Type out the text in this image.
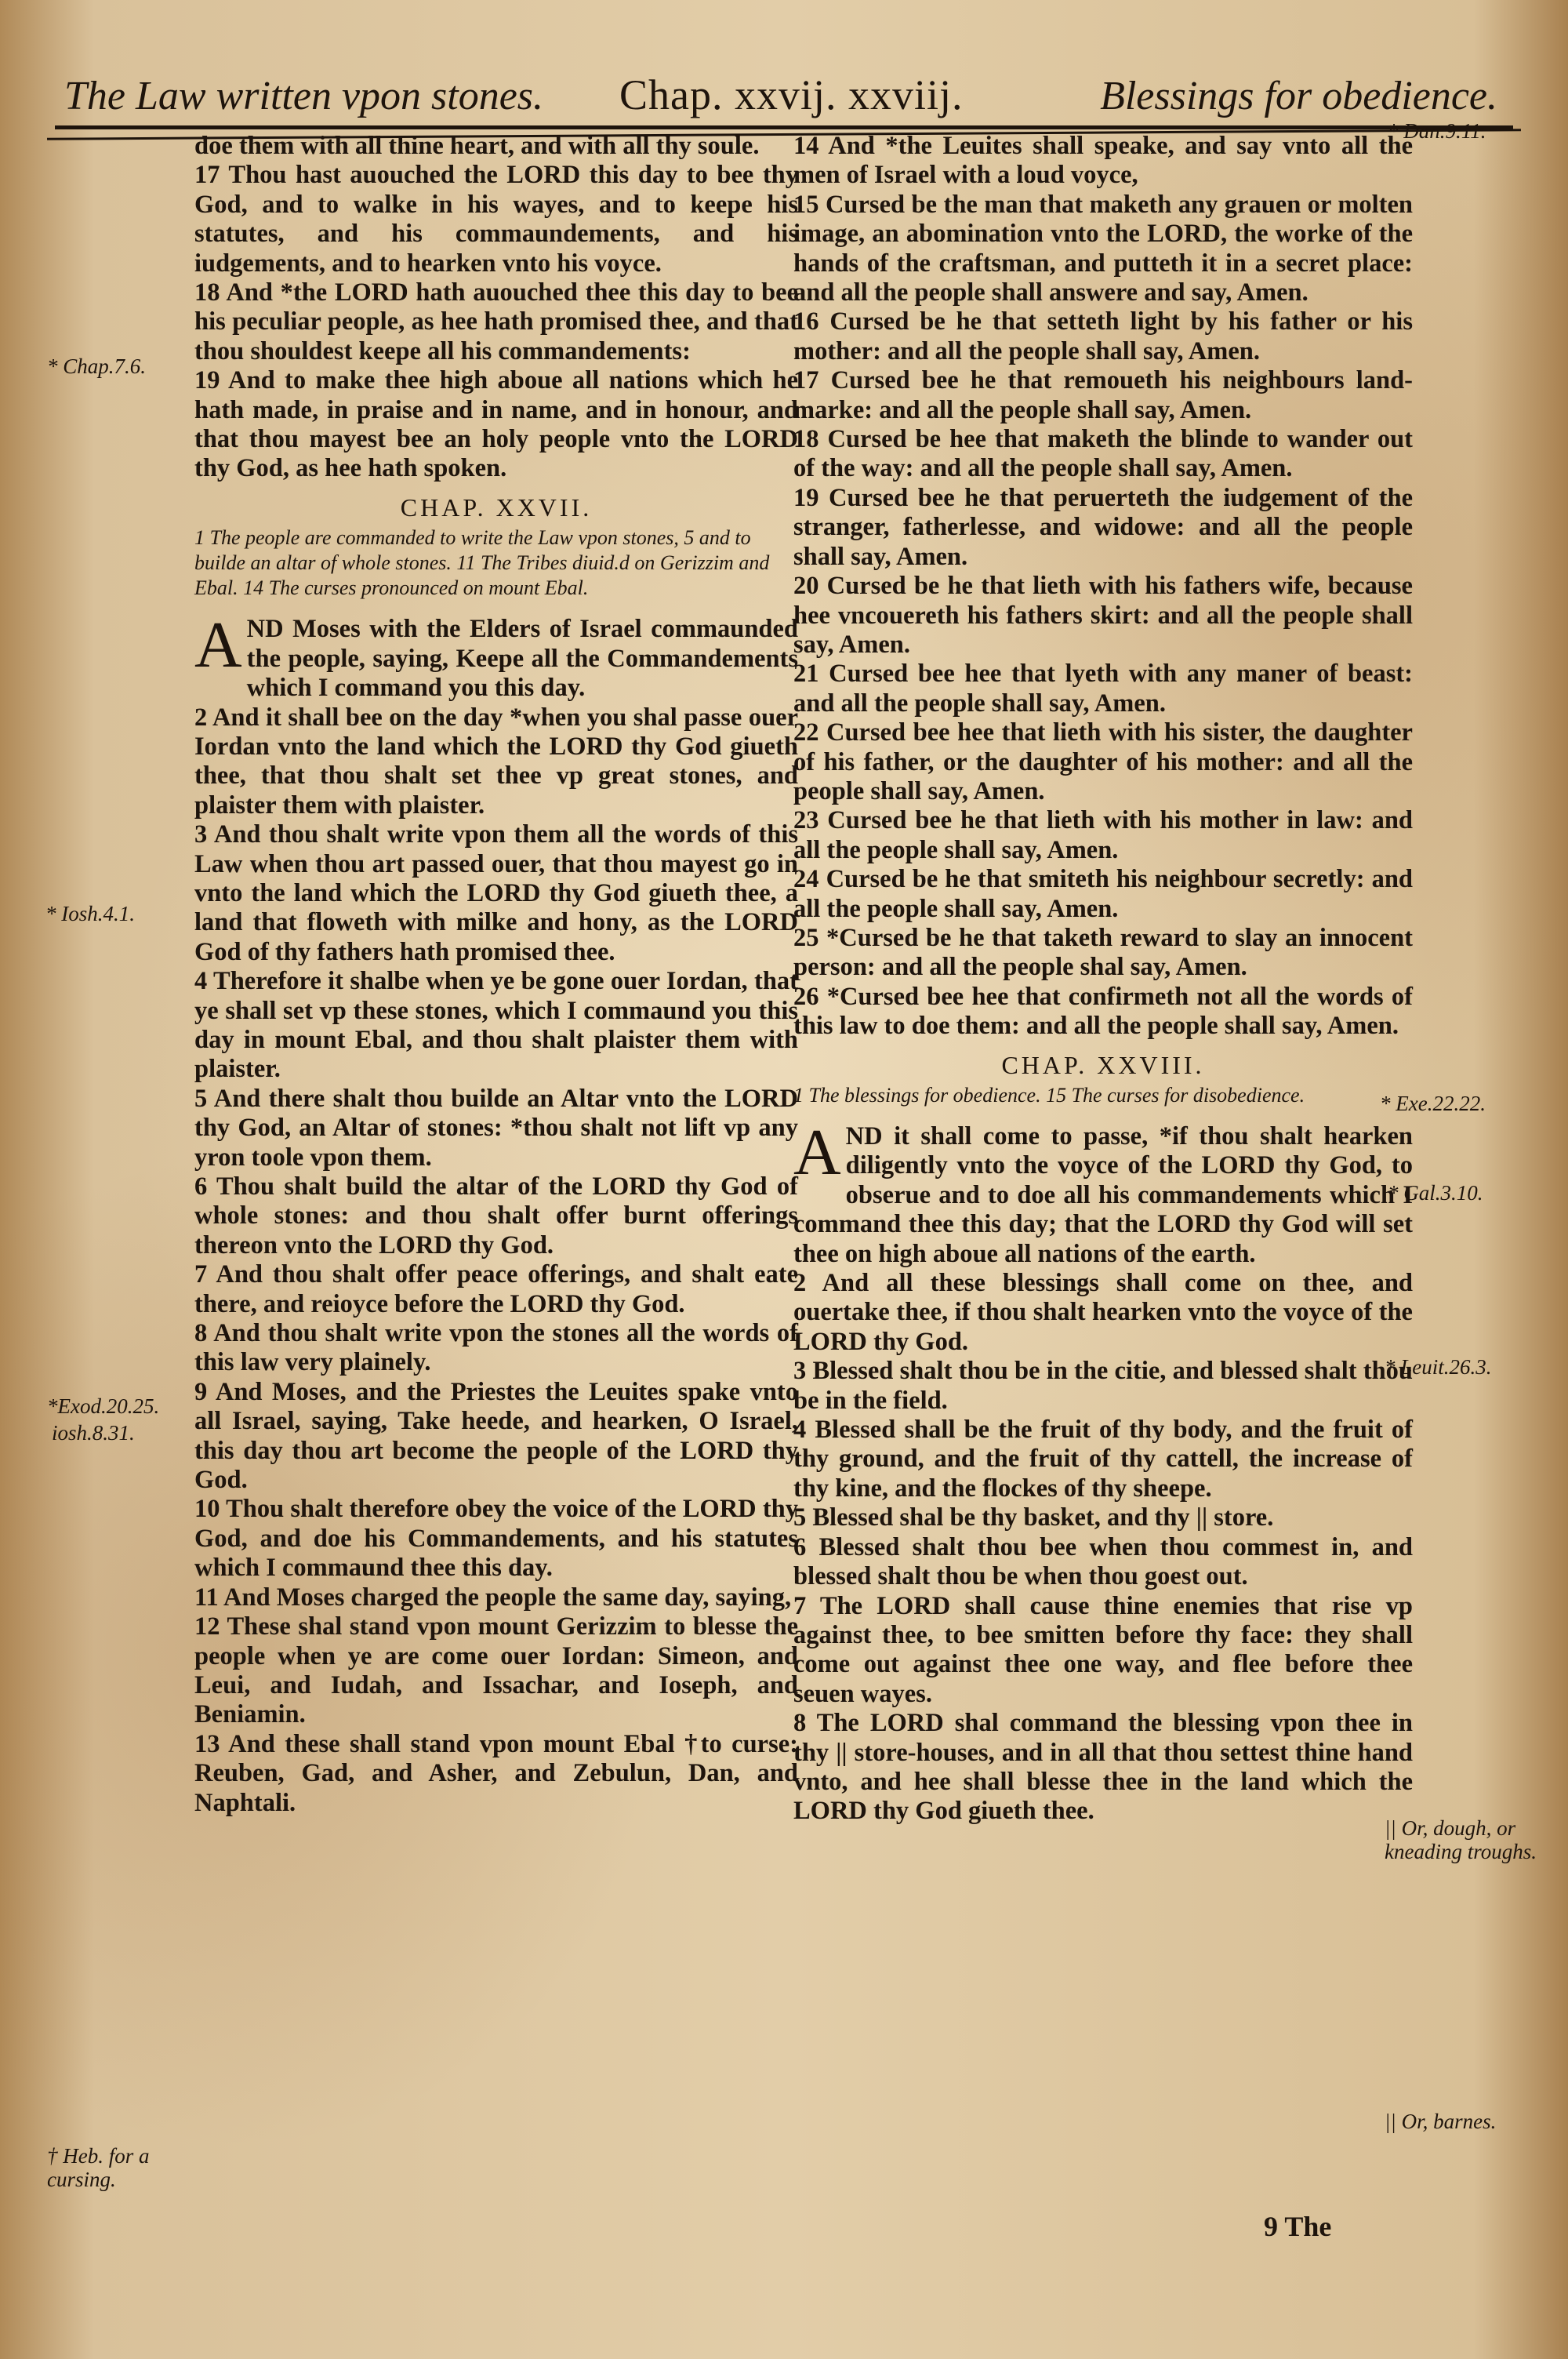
The Law written vpon stones. Chap. xxvij. xxviij.	Blessings for obedience.

doe them with all thine heart, and with all thy soule.

17 Thou hast auouched the LORD this day to bee thy God, and to walke in his wayes, and to keepe his statutes, and his commaundements, and his iudgements, and to hearken vnto his voyce.

18 And *the LORD hath auouched thee this day to bee his peculiar people, as hee hath promised thee, and that thou shouldest keepe all his commandements:

19 And to make thee high aboue all nations which he hath made, in praise and in name, and in honour, and that thou mayest bee an holy people vnto the LORD thy God, as hee hath spoken.

CHAP. XXVII.

1 The people are commanded to write the Law vpon stones, 5 and to builde an altar of whole stones. 11 The Tribes diuid.d on Gerizzim and Ebal. 14 The curses pronounced on mount Ebal.

AND Moses with the Elders of Israel commaunded the people, saying, Keepe all the Commandements which I command you this day.

2 And it shall bee on the day *when you shal passe ouer Iordan vnto the land which the LORD thy God giueth thee, that thou shalt set thee vp great stones, and plaister them with plaister.

3 And thou shalt write vpon them all the words of this Law when thou art passed ouer, that thou mayest go in vnto the land which the LORD thy God giueth thee, a land that floweth with milke and hony, as the LORD God of thy fathers hath promised thee.

4 Therefore it shalbe when ye be gone ouer Iordan, that ye shall set vp these stones, which I commaund you this day in mount Ebal, and thou shalt plaister them with plaister.

5 And there shalt thou builde an Altar vnto the LORD thy God, an Altar of stones: *thou shalt not lift vp any yron toole vpon them.

6 Thou shalt build the altar of the LORD thy God of whole stones: and thou shalt offer burnt offerings thereon vnto the LORD thy God.

7 And thou shalt offer peace offerings, and shalt eate there, and reioyce before the LORD thy God.

8 And thou shalt write vpon the stones all the words of this law very plainely.

9 And Moses, and the Priestes the Leuites spake vnto all Israel, saying, Take heede, and hearken, O Israel, this day thou art become the people of the LORD thy God.

10 Thou shalt therefore obey the voice of the LORD thy God, and doe his Commandements, and his statutes which I commaund thee this day.

11 And Moses charged the people the same day, saying,

12 These shal stand vpon mount Gerizzim to blesse the people when ye are come ouer Iordan: Simeon, and Leui, and Iudah, and Issachar, and Ioseph, and Beniamin.

13 And these shall stand vpon mount Ebal †to curse: Reuben, Gad, and Asher, and Zebulun, Dan, and Naphtali.

14 And *the Leuites shall speake, and say vnto all the men of Israel with a loud voyce,

15 Cursed be the man that maketh any grauen or molten image, an abomination vnto the LORD, the worke of the hands of the craftsman, and putteth it in a secret place: and all the people shall answere and say, Amen.

16 Cursed be he that setteth light by his father or his mother: and all the people shall say, Amen.

17 Cursed bee he that remoueth his neighbours land-marke: and all the people shall say, Amen.

18 Cursed be hee that maketh the blinde to wander out of the way: and all the people shall say, Amen.

19 Cursed bee he that peruerteth the iudgement of the stranger, fatherlesse, and widowe: and all the people shall say, Amen.

20 Cursed be he that lieth with his fathers wife, because hee vncouereth his fathers skirt: and all the people shall say, Amen.

21 Cursed bee hee that lyeth with any maner of beast: and all the people shall say, Amen.

22 Cursed bee hee that lieth with his sister, the daughter of his father, or the daughter of his mother: and all the people shall say, Amen.

23 Cursed bee he that lieth with his mother in law: and all the people shall say, Amen.

24 Cursed be he that smiteth his neighbour secretly: and all the people shall say, Amen.

25 *Cursed be he that taketh reward to slay an innocent person: and all the people shal say, Amen.

26 *Cursed bee hee that confirmeth not all the words of this law to doe them: and all the people shall say, Amen.

CHAP. XXVIII.

1 The blessings for obedience. 15 The curses for disobedience.

AND it shall come to passe, *if thou shalt hearken diligently vnto the voyce of the LORD thy God, to obserue and to doe all his commandements which I command thee this day; that the LORD thy God will set thee on high aboue all nations of the earth.

2 And all these blessings shall come on thee, and ouertake thee, if thou shalt hearken vnto the voyce of the LORD thy God.

3 Blessed shalt thou be in the citie, and blessed shalt thou be in the field.

4 Blessed shall be the fruit of thy body, and the fruit of thy ground, and the fruit of thy cattell, the increase of thy kine, and the flockes of thy sheepe.

5 Blessed shal be thy basket, and thy || store.

6 Blessed shalt thou bee when thou commest in, and blessed shalt thou be when thou goest out.

7 The LORD shall cause thine enemies that rise vp against thee, to bee smitten before thy face: they shall come out against thee one way, and flee before thee seuen wayes.

8 The LORD shal command the blessing vpon thee in thy || store-houses, and in all that thou settest thine hand vnto, and hee shall blesse thee in the land which the LORD thy God giueth thee.

* Chap.7.6.
* Iosh.4.1.
*Exod.20.25.
iosh.8.31.
† Heb. for a cursing.
* Dan.9.11.
* Exe.22.22.
* Gal.3.10.
* Leuit.26.3.
|| Or, dough, or kneading troughs.
|| Or, barnes.
9 The
